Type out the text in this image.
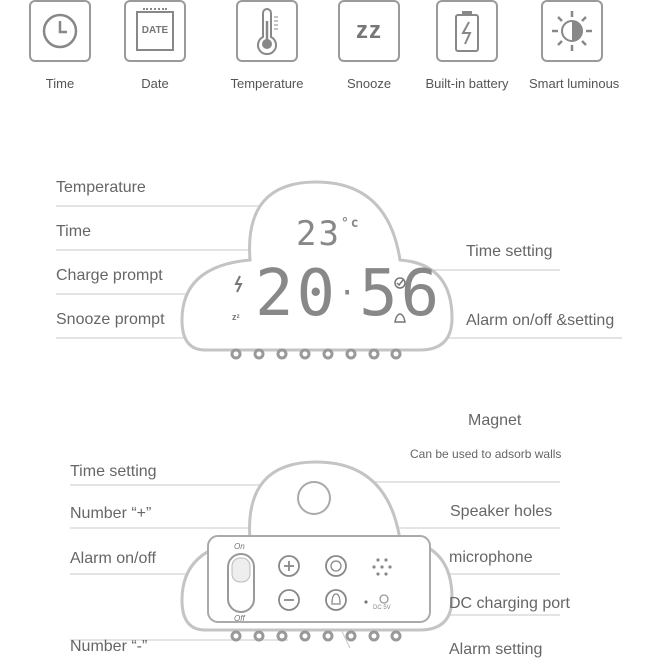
Time
DATE
Date	Temperature
zz
Snooze	Built-in battery Smart luminous
zᶻ
$23^{^\circ c}$
20·56
Temperature
Time
Charge prompt
Snooze prompt
Time setting
Alarm on/off &setting
On
Off
DC 5V
Magnet
Can be used to adsorb walls
Time setting
Number “+”
Alarm on/off
Number “-”
Speaker holes
microphone
DC charging port
Alarm setting
